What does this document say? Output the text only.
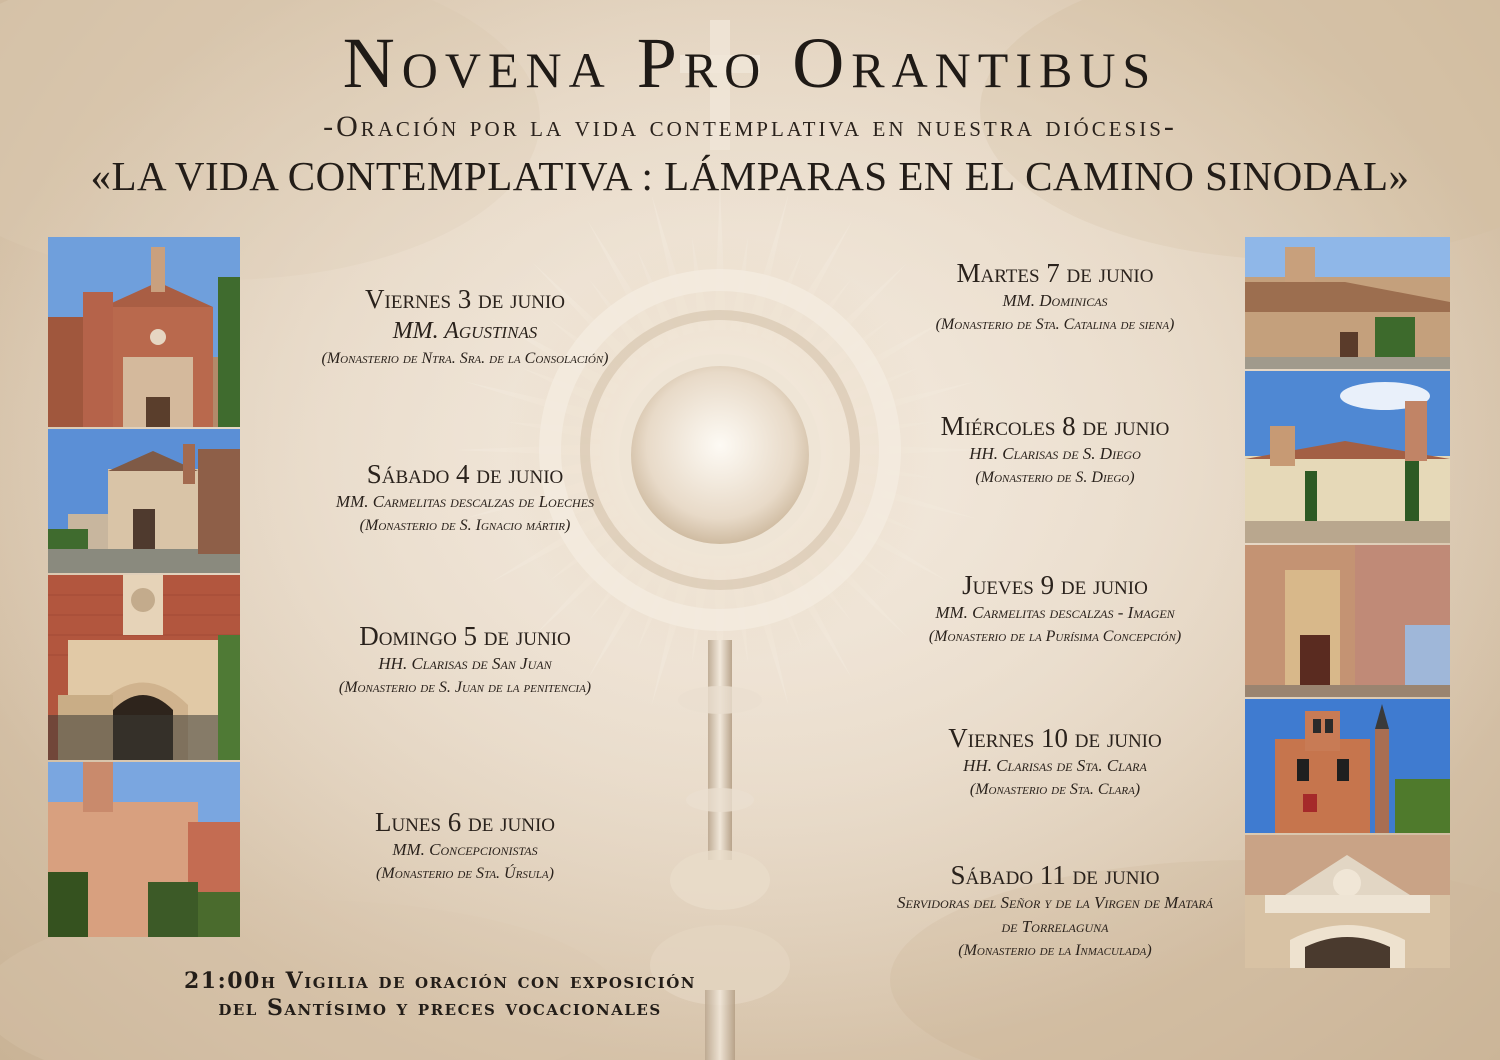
Novena Pro Orantibus
-Oración por la vida contemplativa en nuestra diócesis-
«LA VIDA CONTEMPLATIVA : LÁMPARAS EN EL CAMINO SINODAL»
Viernes 3 de junio
MM. Agustinas
(Monasterio de Ntra. Sra. de la Consolación)
Sábado 4 de junio
MM. Carmelitas descalzas de Loeches
(Monasterio de S. Ignacio mártir)
Domingo 5 de junio
HH. Clarisas de San Juan
(Monasterio de S. Juan de la penitencia)
Lunes 6 de junio
MM. Concepcionistas
(Monasterio de Sta. Úrsula)
Martes 7 de junio
MM. Dominicas
(Monasterio de Sta. Catalina de siena)
Miércoles 8 de junio
HH. Clarisas de S. Diego
(Monasterio de S. Diego)
Jueves 9 de junio
MM. Carmelitas descalzas - Imagen
(Monasterio de la Purísima Concepción)
Viernes 10 de junio
HH. Clarisas de Sta. Clara
(Monasterio de Sta. Clara)
Sábado 11 de junio
Servidoras del Señor y de la Virgen de Matará
de Torrelaguna
(Monasterio de la Inmaculada)
21:00h Vigilia de oración con exposición
del Santísimo y preces vocacionales
